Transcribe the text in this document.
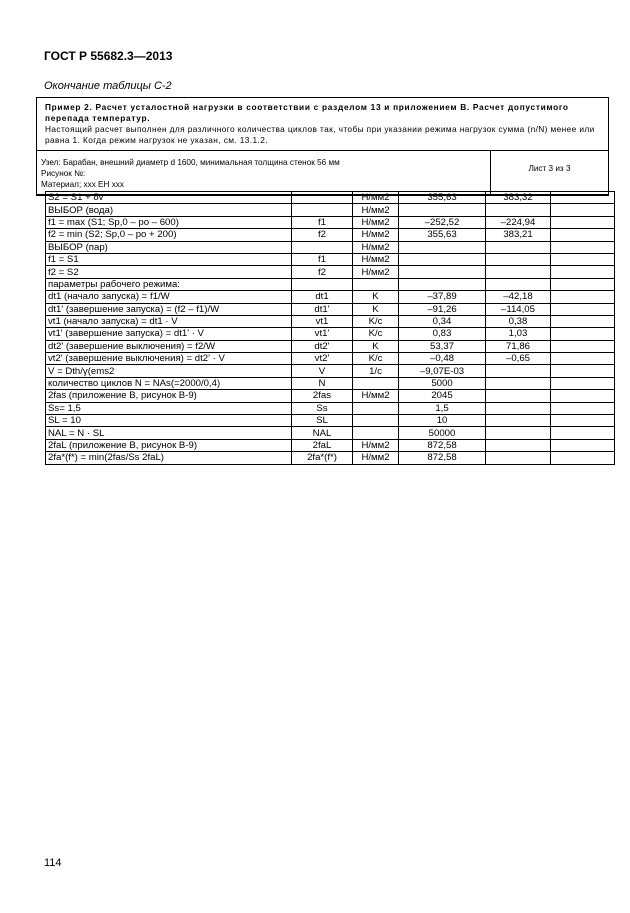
ГОСТ Р 55682.3—2013
Окончание таблицы С-2
Пример 2. Расчет усталостной нагрузки в соответствии с разделом 13 и приложением В. Расчет допустимого перепада температур.
Настоящий расчет выполнен для различного количества циклов так, чтобы при указании режима нагрузок сумма (n/N) менее или равна 1. Когда режим нагрузок не указан, см. 13.1.2.
Узел: Барабан, внешний диаметр d 1600, минимальная толщина стенок 56 мм
Рисунок №:
Материал; xxx EH xxx
Лист 3 из 3
S2 = S1 + δv		Н/мм2	355,63	383,32	
ВЫБОР (вода)		Н/мм2			
f1 = max (S1; Sp,0 – po – 600)	f1	Н/мм2	–252,52	–224,94	
f2 = min (S2; Sp,0 – po + 200)	f2	Н/мм2	355,63	383,21	
ВЫБОР (пар)		Н/мм2			
f1 = S1	f1	Н/мм2			
f2 = S2	f2	Н/мм2			
параметры рабочего режима:					
dt1 (начало запуска) = f1/W	dt1	K	–37,89	–42,18	
dt1' (завершение запуска) = (f2 – f1)/W	dt1'	K	–91,26	–114,05	
vt1 (начало запуска) = dt1 · V	vt1	K/c	0,34	0,38	
vt1' (завершение запуска) = dt1' · V	vt1'	K/c	0,83	1,03	
dt2' (завершение выключения) = f2/W	dt2'	K	53,37	71,86	
vt2' (завершение выключения) = dt2' · V	vt2'	K/c	–0,48	–0,65	
V = Dth/γ(ems2	V	1/c	–9,07E-03		
количество циклов N = NAs(=2000/0,4)	N		5000		
2fas (приложение B, рисунок B-9)	2fas	Н/мм2	2045		
Ss= 1,5	Ss		1,5		
SL = 10	SL		10		
NAL = N · SL	NAL		50000		
2faL (приложение B, рисунок B-9)	2faL	Н/мм2	872,58		
2fa*(f*) = min(2fas/Ss 2faL)	2fa*(f*)	Н/мм2	872,58		
114
